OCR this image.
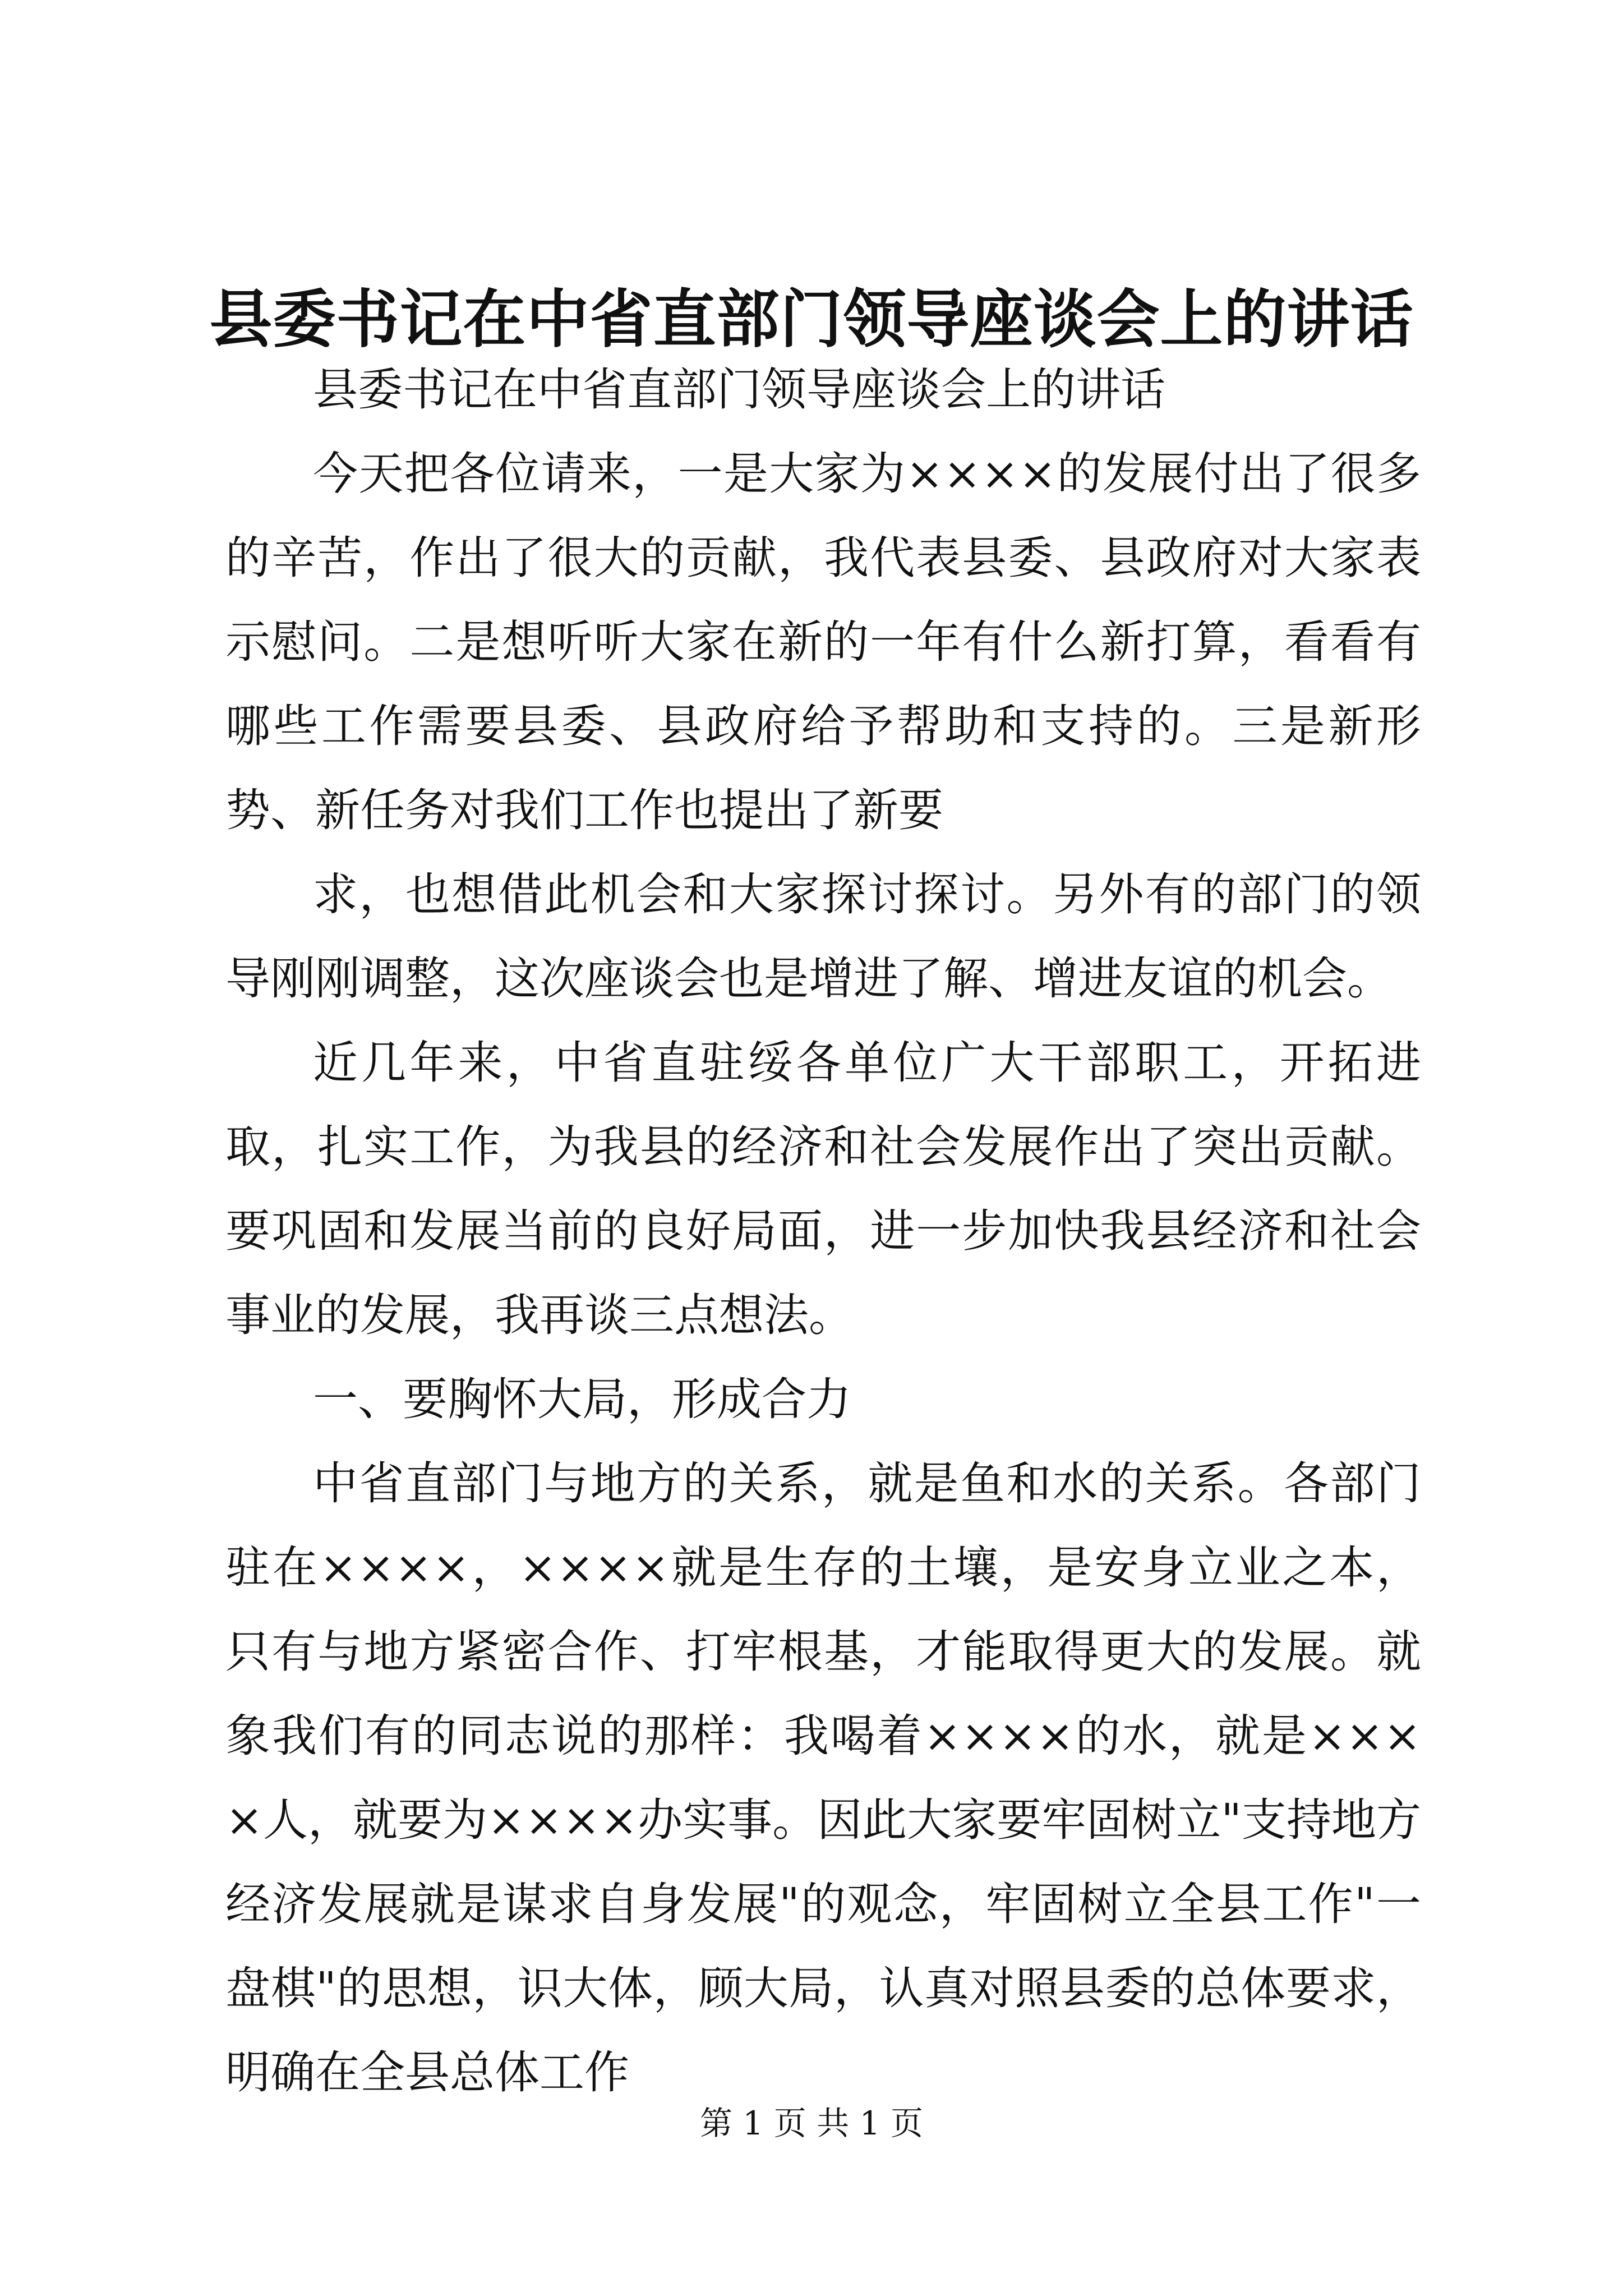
县委书记在中省直部门领导座谈会上的讲话

县委书记在中省直部门领导座谈会上的讲话

今天把各位请来，一是大家为××××的发展付出了很多的辛苦，作出了很大的贡献，我代表县委、县政府对大家表示慰问。二是想听听大家在新的一年有什么新打算，看看有哪些工作需要县委、县政府给予帮助和支持的。三是新形势、新任务对我们工作也提出了新要

求，也想借此机会和大家探讨探讨。另外有的部门的领导刚刚调整，这次座谈会也是增进了解、增进友谊的机会。

近几年来，中省直驻绥各单位广大干部职工，开拓进取，扎实工作，为我县的经济和社会发展作出了突出贡献。要巩固和发展当前的良好局面，进一步加快我县经济和社会事业的发展，我再谈三点想法。

一、要胸怀大局，形成合力

中省直部门与地方的关系，就是鱼和水的关系。各部门驻在××××，××××就是生存的土壤，是安身立业之本，只有与地方紧密合作、打牢根基，才能取得更大的发展。就象我们有的同志说的那样：我喝着××××的水，就是××××人，就要为××××办实事。因此大家要牢固树立"支持地方经济发展就是谋求自身发展"的观念，牢固树立全县工作"一盘棋"的思想，识大体，顾大局，认真对照县委的总体要求，明确在全县总体工作

第 1 页 共 1 页
